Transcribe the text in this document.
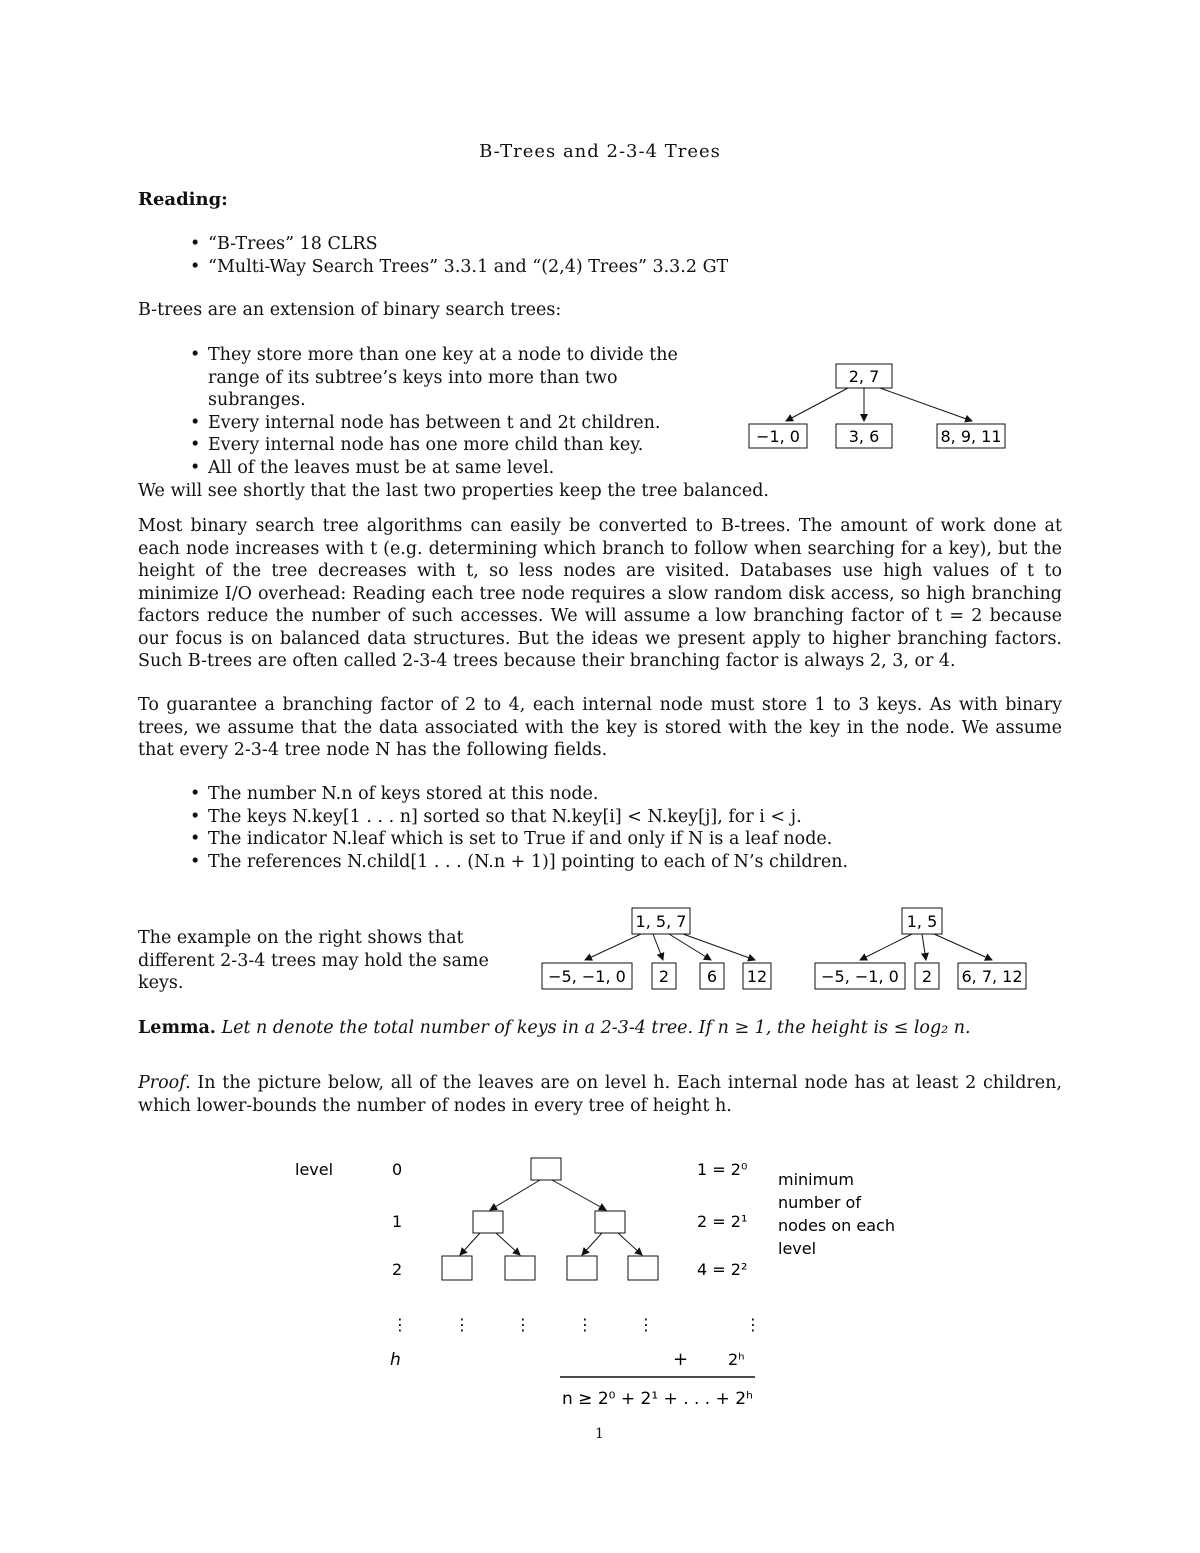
B-Trees and 2-3-4 Trees
Reading:
• “B-Trees” 18 CLRS
• “Multi-Way Search Trees” 3.3.1 and “(2,4) Trees” 3.3.2 GT
B-trees are an extension of binary search trees:
• They store more than one key at a node to divide the range of its subtree’s keys into more than two subranges.
• Every internal node has between t and 2t children.
• Every internal node has one more child than key.
• All of the leaves must be at same level.
2, 7
−1, 0	3, 6	8, 9, 11
We will see shortly that the last two properties keep the tree balanced.
Most binary search tree algorithms can easily be converted to B-trees. The amount of work done at each node increases with t (e.g. determining which branch to follow when searching for a key), but the height of the tree decreases with t, so less nodes are visited. Databases use high values of t to minimize I/O overhead: Reading each tree node requires a slow random disk access, so high branching factors reduce the number of such accesses. We will assume a low branching factor of t = 2 because our focus is on balanced data structures. But the ideas we present apply to higher branching factors. Such B-trees are often called 2-3-4 trees because their branching factor is always 2, 3, or 4.
To guarantee a branching factor of 2 to 4, each internal node must store 1 to 3 keys. As with binary trees, we assume that the data associated with the key is stored with the key in the node. We assume that every 2-3-4 tree node N has the following fields.
• The number N.n of keys stored at this node.
• The keys N.key[1 . . . n] sorted so that N.key[i] < N.key[j], for i < j.
• The indicator N.leaf which is set to True if and only if N is a leaf node.
• The references N.child[1 . . . (N.n + 1)] pointing to each of N’s children.
The example on the right shows that different 2-3-4 trees may hold the same keys.
1, 5, 7
−5, −1, 0 2 6 12
1, 5
−5, −1, 0 2 6, 7, 12
Lemma. Let n denote the total number of keys in a 2-3-4 tree. If n ≥ 1, the height is ≤ log₂ n.
Proof. In the picture below, all of the leaves are on level h. Each internal node has at least 2 children, which lower-bounds the number of nodes in every tree of height h.
level	0
1
2
⋮
h
⋮	⋮	⋮	⋮
1 = 2⁰
2 = 2¹
4 = 2²
⋮
+ 2ʰ
n ≥ 2⁰ + 2¹ + . . . + 2ʰ
minimum
number of
nodes on each
level
1
